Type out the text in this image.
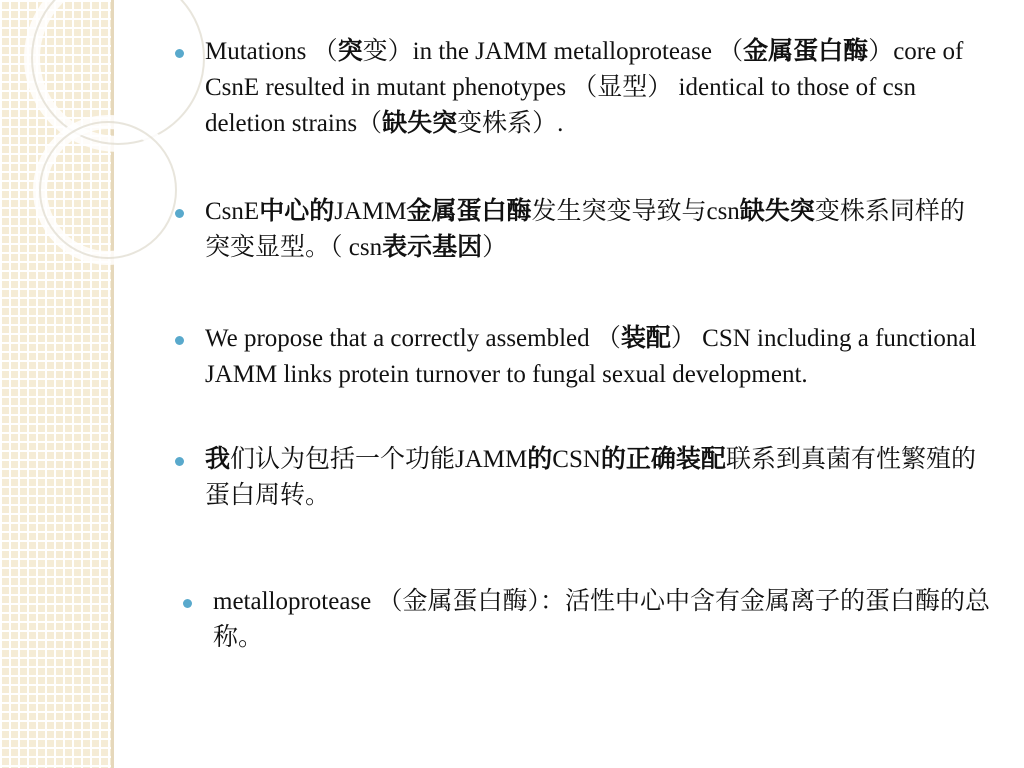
Mutations （突变）in the JAMM metalloprotease （金属蛋白酶）core of CsnE resulted in mutant phenotypes （显型） identical to those of csn deletion strains（缺失突变株系）.
CsnE中心的JAMM金属蛋白酶发生突变导致与csn缺失突变株系同样的突变显型。（ csn表示基因）
We propose that a correctly assembled （装配） CSN including a functional JAMM links protein turnover to fungal sexual development.
我们认为包括一个功能JAMM的CSN的正确装配联系到真菌有性繁殖的蛋白周转。
metalloprotease （金属蛋白酶）：活性中心中含有金属离子的蛋白酶的总称。
